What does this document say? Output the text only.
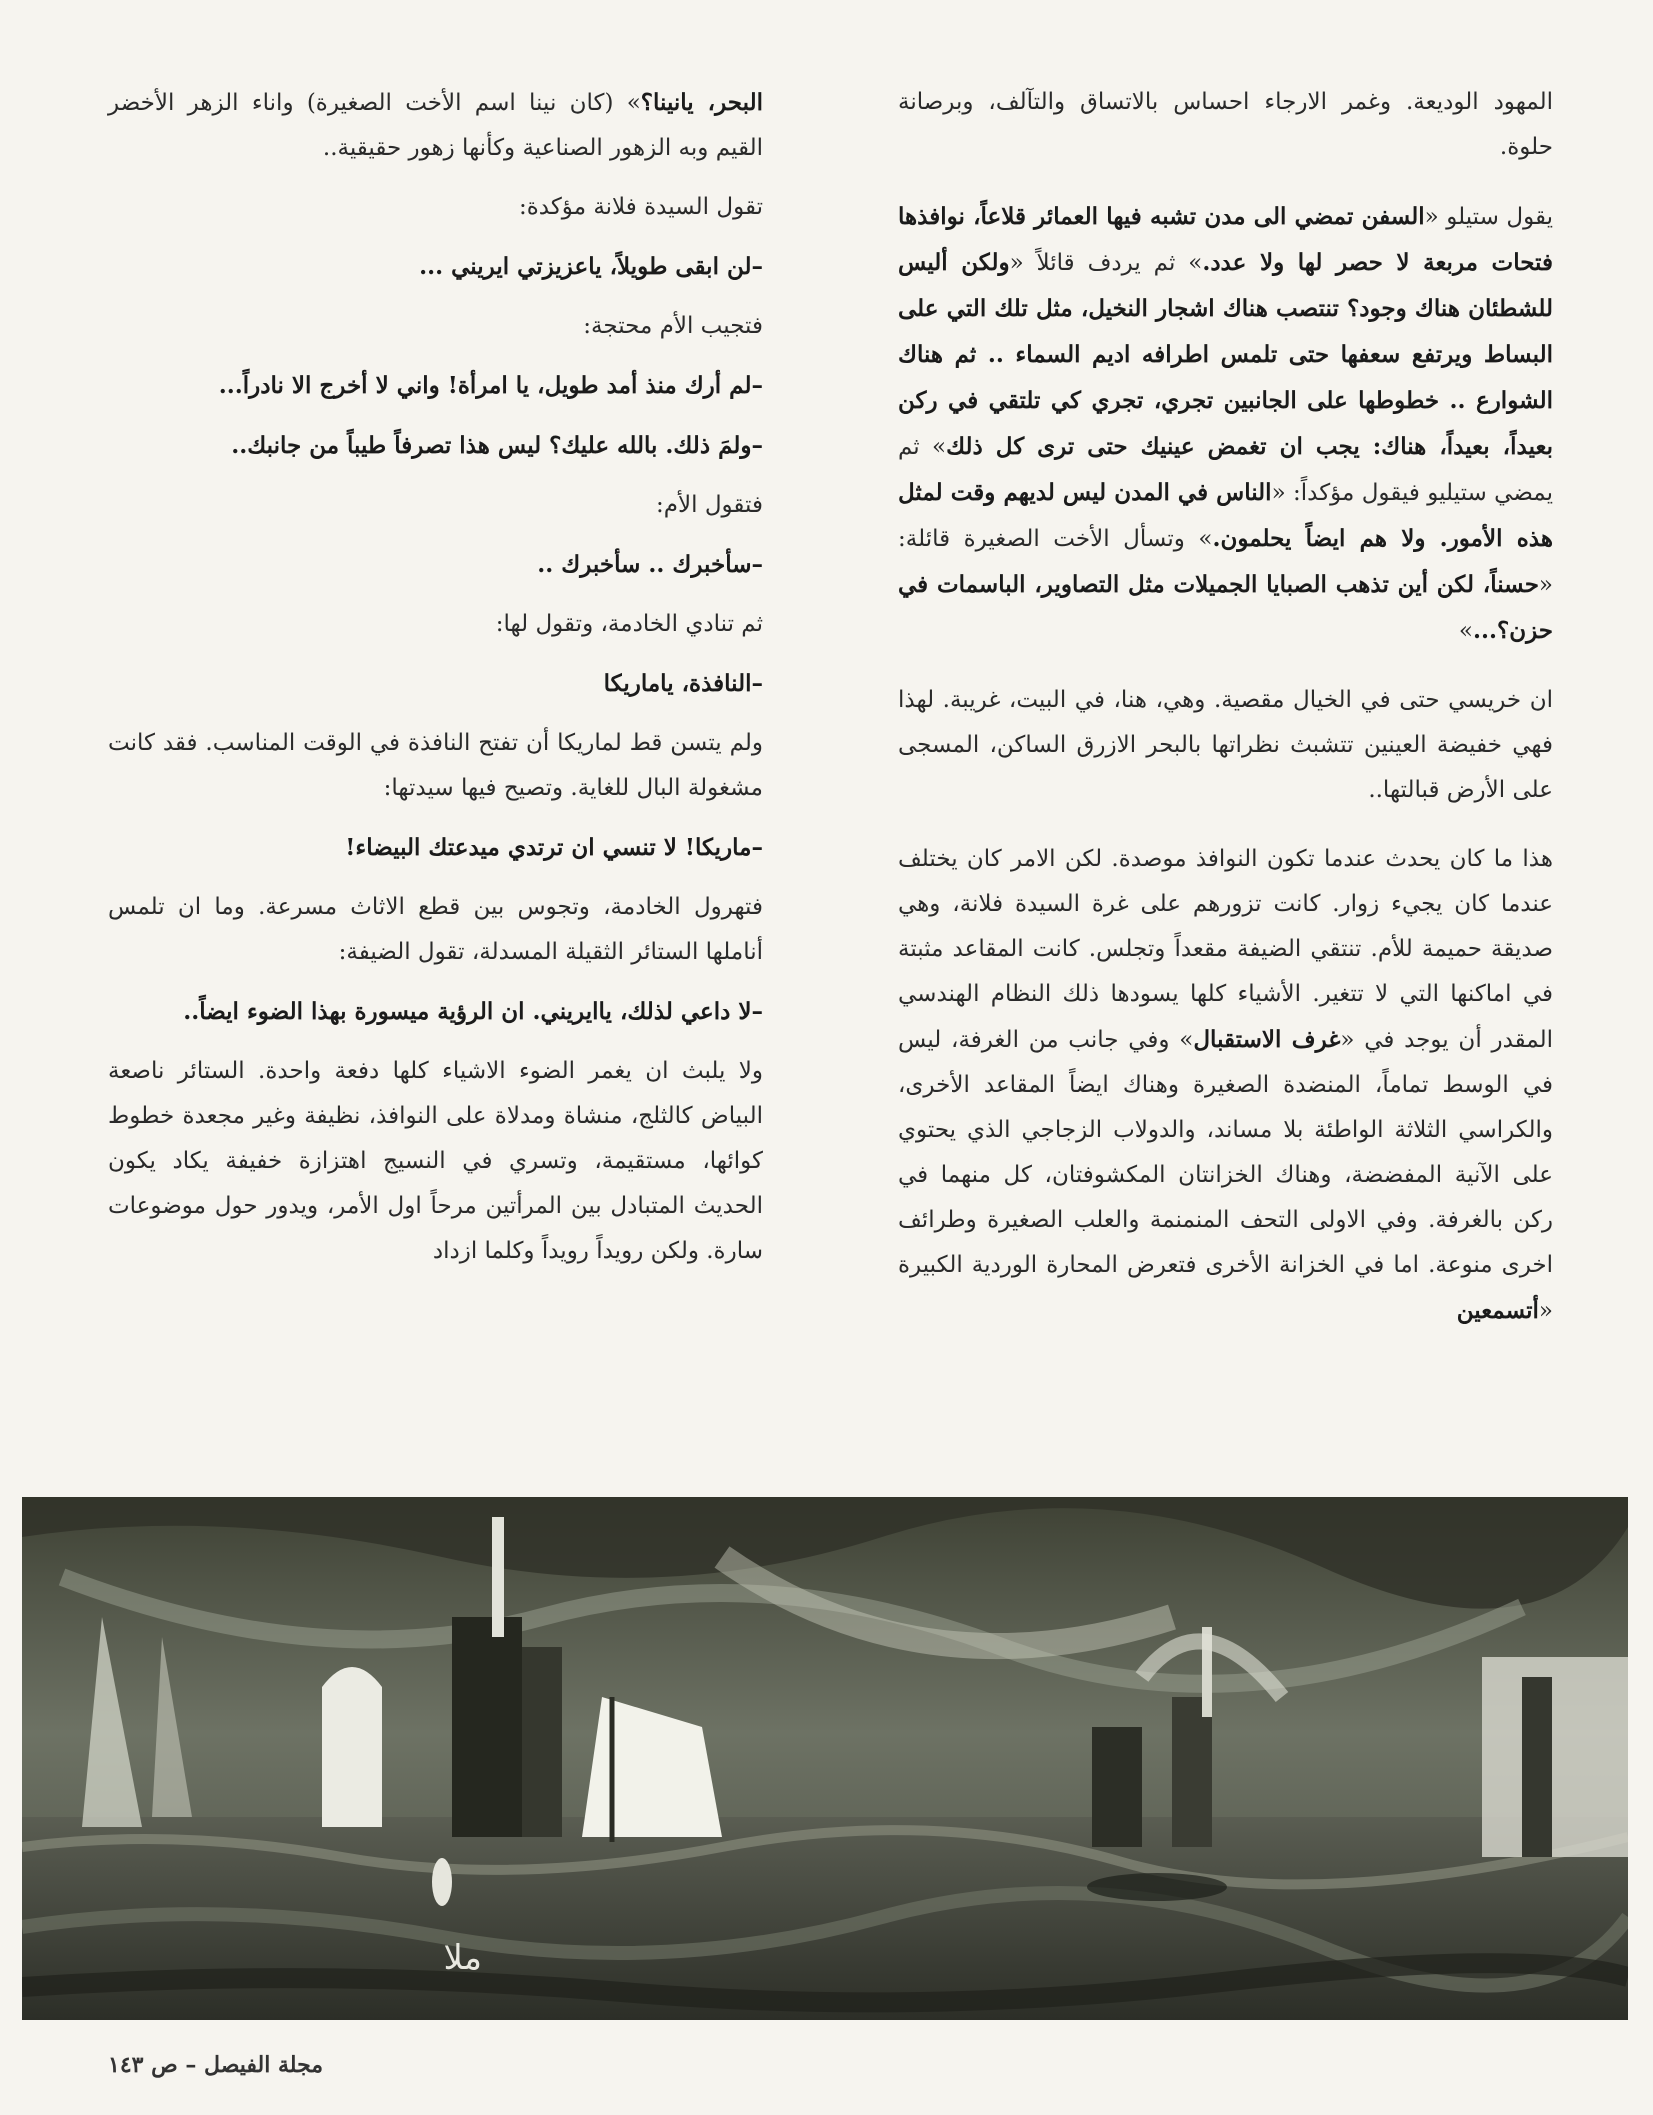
المهود الوديعة. وغمر الارجاء احساس بالاتساق والتآلف، وبرصانة حلوة.

يقول ستيلو «السفن تمضي الى مدن تشبه فيها العمائر قلاعاً، نوافذها فتحات مربعة لا حصر لها ولا عدد.» ثم يردف قائلاً «ولكن أليس للشطئان هناك وجود؟ تنتصب هناك اشجار النخيل، مثل تلك التي على البساط ويرتفع سعفها حتى تلمس اطرافه اديم السماء .. ثم هناك الشوارع .. خطوطها على الجانبين تجري، تجري كي تلتقي في ركن بعيداً، بعيداً، هناك: يجب ان تغمض عينيك حتى ترى كل ذلك» ثم يمضي ستيليو فيقول مؤكداً: «الناس في المدن ليس لديهم وقت لمثل هذه الأمور. ولا هم ايضاً يحلمون.» وتسأل الأخت الصغيرة قائلة: «حسناً، لكن أين تذهب الصبايا الجميلات مثل التصاوير، الباسمات في حزن؟...»

ان خريسي حتى في الخيال مقصية. وهي، هنا، في البيت، غريبة. لهذا فهي خفيضة العينين تتشبث نظراتها بالبحر الازرق الساكن، المسجى على الأرض قبالتها..

هذا ما كان يحدث عندما تكون النوافذ موصدة. لكن الامر كان يختلف عندما كان يجيء زوار. كانت تزورهم على غرة السيدة فلانة، وهي صديقة حميمة للأم. تنتقي الضيفة مقعداً وتجلس. كانت المقاعد مثبتة في اماكنها التي لا تتغير. الأشياء كلها يسودها ذلك النظام الهندسي المقدر أن يوجد في «غرف الاستقبال» وفي جانب من الغرفة، ليس في الوسط تماماً، المنضدة الصغيرة وهناك ايضاً المقاعد الأخرى، والكراسي الثلاثة الواطئة بلا مساند، والدولاب الزجاجي الذي يحتوي على الآنية المفضضة، وهناك الخزانتان المكشوفتان، كل منهما في ركن بالغرفة. وفي الاولى التحف المنمنمة والعلب الصغيرة وطرائف اخرى منوعة. اما في الخزانة الأخرى فتعرض المحارة الوردية الكبيرة «أتسمعين

البحر، يانينا؟» (كان نينا اسم الأخت الصغيرة) واناء الزهر الأخضر القيم وبه الزهور الصناعية وكأنها زهور حقيقية..

تقول السيدة فلانة مؤكدة:

–لن ابقى طويلاً، ياعزيزتي ايريني ...

فتجيب الأم محتجة:

–لم أرك منذ أمد طويل، يا امرأة! واني لا أخرج الا نادراً...

–ولمَ ذلك. بالله عليك؟ ليس هذا تصرفاً طيباً من جانبك..

فتقول الأم:

–سأخبرك .. سأخبرك ..

ثم تنادي الخادمة، وتقول لها:

–النافذة، ياماريكا

ولم يتسن قط لماريكا أن تفتح النافذة في الوقت المناسب. فقد كانت مشغولة البال للغاية. وتصيح فيها سيدتها:

–ماريكا! لا تنسي ان ترتدي ميدعتك البيضاء!

فتهرول الخادمة، وتجوس بين قطع الاثاث مسرعة. وما ان تلمس أناملها الستائر الثقيلة المسدلة، تقول الضيفة:

–لا داعي لذلك، ياايريني. ان الرؤية ميسورة بهذا الضوء ايضاً..

ولا يلبث ان يغمر الضوء الاشياء كلها دفعة واحدة. الستائر ناصعة البياض كالثلج، منشاة ومدلاة على النوافذ، نظيفة وغير مجعدة خطوط كوائها، مستقيمة، وتسري في النسيج اهتزازة خفيفة يكاد يكون الحديث المتبادل بين المرأتين مرحاً اول الأمر، ويدور حول موضوعات سارة. ولكن رويداً رويداً وكلما ازداد

ملا
مجلة الفيصل – ص ١٤٣
